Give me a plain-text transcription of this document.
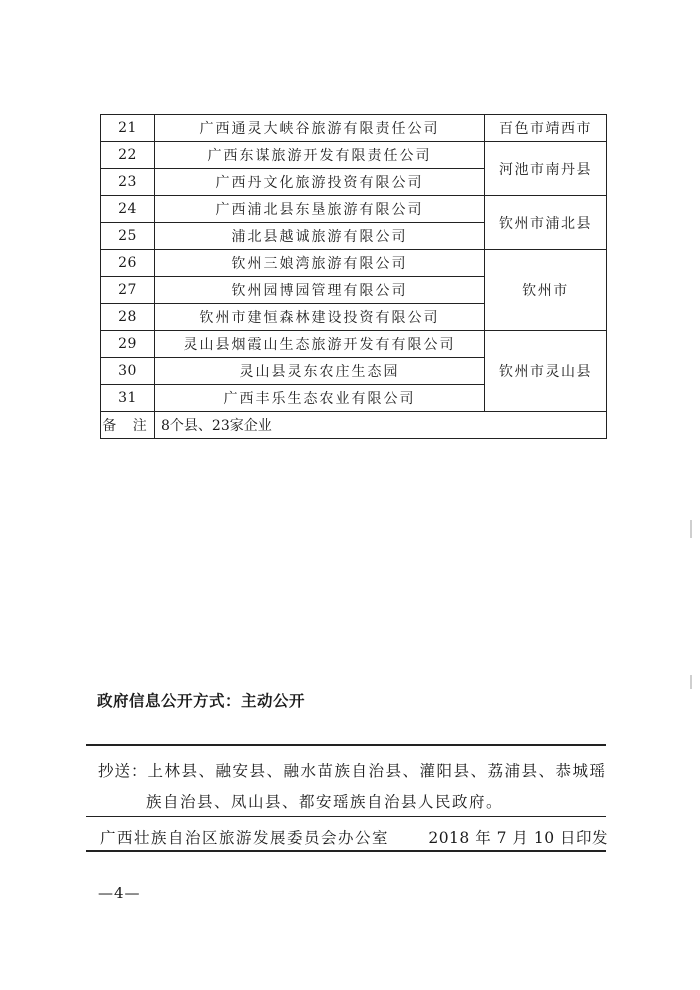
21	广西通灵大峡谷旅游有限责任公司	百色市靖西市
22	广西东谋旅游开发有限责任公司	河池市南丹县
23	广西丹文化旅游投资有限公司	
24	广西浦北县东垦旅游有限公司	钦州市浦北县
25	浦北县越诚旅游有限公司	
26	钦州三娘湾旅游有限公司	钦州市
27	钦州园博园管理有限公司	
28	钦州市建恒森林建设投资有限公司	
29	灵山县烟霞山生态旅游开发有有限公司	钦州市灵山县
30	灵山县灵东农庄生态园	
31	广西丰乐生态农业有限公司	
备 注	8个县、23家企业	
政府信息公开方式：主动公开
抄送：上林县、融安县、融水苗族自治县、灌阳县、荔浦县、恭城瑶
族自治县、凤山县、都安瑶族自治县人民政府。
广西壮族自治区旅游发展委员会办公室	2018 年 7 月 10 日印发
—4—
